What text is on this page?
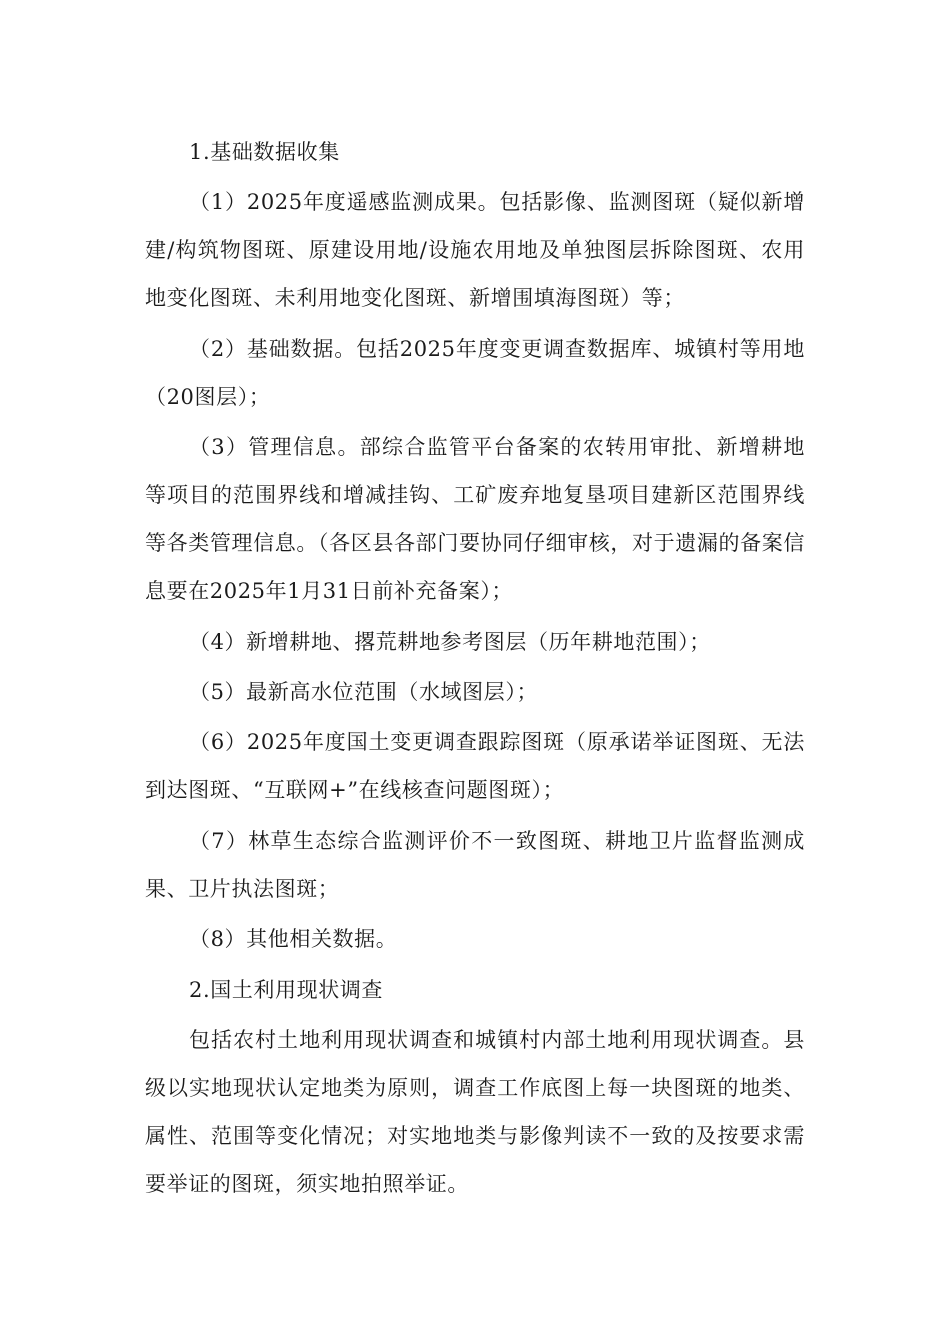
1.基础数据收集

（1）2025年度遥感监测成果。包括影像、监测图斑（疑似新增建/构筑物图斑、原建设用地/设施农用地及单独图层拆除图斑、农用地变化图斑、未利用地变化图斑、新增围填海图斑）等；

（2）基础数据。包括2025年度变更调查数据库、城镇村等用地（20图层）；

（3）管理信息。部综合监管平台备案的农转用审批、新增耕地等项目的范围界线和增减挂钩、工矿废弃地复垦项目建新区范围界线等各类管理信息。（各区县各部门要协同仔细审核，对于遗漏的备案信息要在2025年1月31日前补充备案）；

（4）新增耕地、撂荒耕地参考图层（历年耕地范围）；

（5）最新高水位范围（水域图层）；

（6）2025年度国土变更调查跟踪图斑（原承诺举证图斑、无法到达图斑、“互联网+”在线核查问题图斑）；

（7）林草生态综合监测评价不一致图斑、耕地卫片监督监测成果、卫片执法图斑；

（8）其他相关数据。

2.国土利用现状调查

包括农村土地利用现状调查和城镇村内部土地利用现状调查。县级以实地现状认定地类为原则，调查工作底图上每一块图斑的地类、属性、范围等变化情况；对实地地类与影像判读不一致的及按要求需要举证的图斑，须实地拍照举证。
